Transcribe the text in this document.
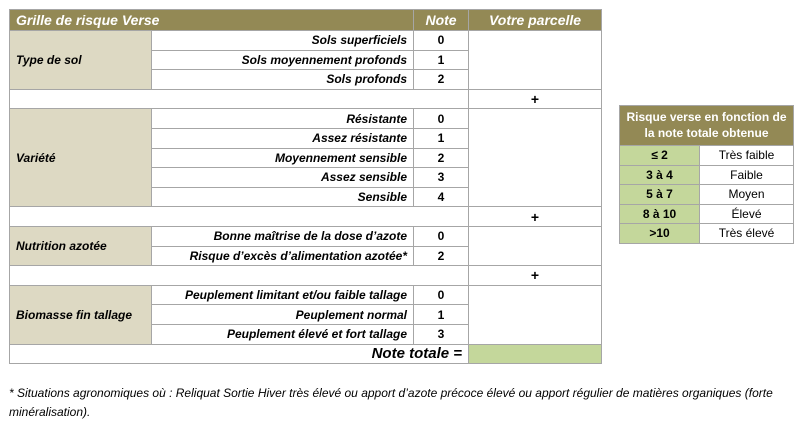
Grille de risque Verse		Note	Votre parcelle
Type de sol	Sols superficiels	0	
	Sols moyennement profonds	1	
	Sols profonds	2	
			+
Variété	Résistante	0	
	Assez résistante	1	
	Moyennement sensible	2	
	Assez sensible	3	
	Sensible	4	
			+
Nutrition azotée	Bonne maîtrise de la dose d’azote	0	
	Risque d’excès d’alimentation azotée*	2	
			+
Biomasse fin tallage	Peuplement limitant et/ou faible tallage	0	
	Peuplement normal	1	
	Peuplement élevé et fort tallage	3	
Note totale =			
Risque verse en fonction de la note totale obtenue	
≤ 2	Très faible
3 à 4	Faible
5 à 7	Moyen
8 à 10	Élevé
>10	Très élevé
* Situations agronomiques où : Reliquat Sortie Hiver très élevé ou apport d’azote précoce élevé ou apport régulier de matières organiques (forte minéralisation).
